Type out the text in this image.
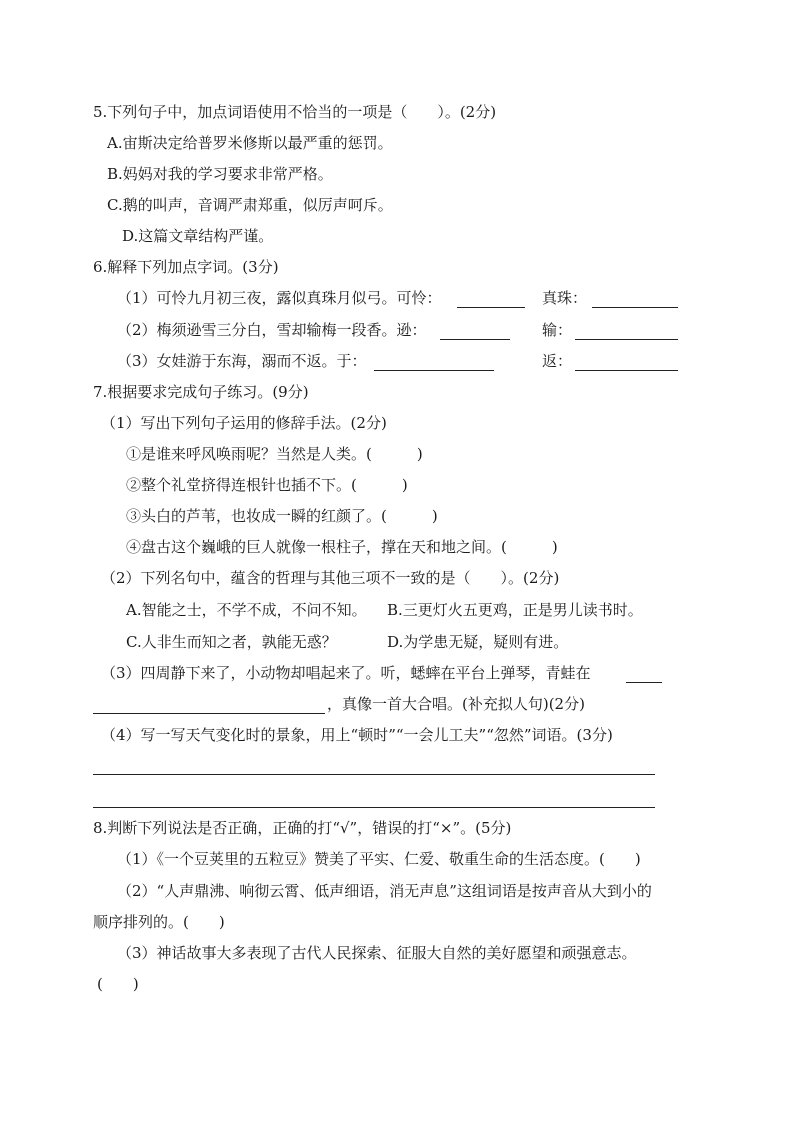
5.下列句子中，加点词语使用不恰当的一项是（　　）。(2分)
A.宙斯决定给普罗米修斯以最严重的惩罚。
B.妈妈对我的学习要求非常严格。
C.鹅的叫声，音调严肃郑重，似厉声呵斥。
D.这篇文章结构严谨。
6.解释下列加点字词。(3分)
（1）可怜九月初三夜，露似真珠月似弓。可怜：	真珠：
（2）梅须逊雪三分白，雪却输梅一段香。逊：	输：
（3）女娃游于东海，溺而不返。于：	返：
7.根据要求完成句子练习。(9分)
（1）写出下列句子运用的修辞手法。(2分)
①是谁来呼风唤雨呢？当然是人类。(　　　)
②整个礼堂挤得连根针也插不下。(　　　)
③头白的芦苇，也妆成一瞬的红颜了。(　　　)
④盘古这个巍峨的巨人就像一根柱子，撑在天和地之间。(　　　)
（2）下列名句中，蕴含的哲理与其他三项不一致的是（　　）。(2分)
A.智能之士，不学不成，不问不知。 B.三更灯火五更鸡，正是男儿读书时。
C.人非生而知之者，孰能无惑？	D.为学患无疑，疑则有进。
（3）四周静下来了，小动物却唱起来了。听，蟋蟀在平台上弹琴，青蛙在
，真像一首大合唱。(补充拟人句)(2分)
（4）写一写天气变化时的景象，用上“顿时”“一会儿工夫”“忽然”词语。(3分)
8.判断下列说法是否正确，正确的打“√”，错误的打“×”。(5分)
（1）《一个豆荚里的五粒豆》赞美了平实、仁爱、敬重生命的生活态度。(　　)
（2）“人声鼎沸、响彻云霄、低声细语，消无声息”这组词语是按声音从大到小的
顺序排列的。(　　)
（3）神话故事大多表现了古代人民探索、征服大自然的美好愿望和顽强意志。
(　　)
